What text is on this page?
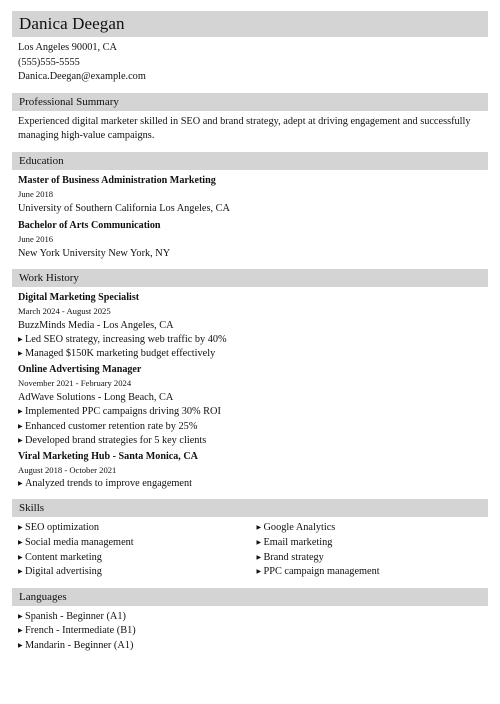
Danica Deegan
Los Angeles 90001, CA
(555)555-5555
Danica.Deegan@example.com
Professional Summary
Experienced digital marketer skilled in SEO and brand strategy, adept at driving engagement and successfully managing high-value campaigns.
Education
Master of Business Administration Marketing
June 2018
University of Southern California Los Angeles, CA
Bachelor of Arts Communication
June 2016
New York University New York, NY
Work History
Digital Marketing Specialist
March 2024 - August 2025
BuzzMinds Media - Los Angeles, CA
▶ Led SEO strategy, increasing web traffic by 40%
▶ Managed $150K marketing budget effectively
Online Advertising Manager
November 2021 - February 2024
AdWave Solutions - Long Beach, CA
▶ Implemented PPC campaigns driving 30% ROI
▶ Enhanced customer retention rate by 25%
▶ Developed brand strategies for 5 key clients
Viral Marketing Hub - Santa Monica, CA
August 2018 - October 2021
▶ Analyzed trends to improve engagement
Skills
▶ SEO optimization
▶ Social media management
▶ Content marketing
▶ Digital advertising
▶ Google Analytics
▶ Email marketing
▶ Brand strategy
▶ PPC campaign management
Languages
▶ Spanish - Beginner (A1)
▶ French - Intermediate (B1)
▶ Mandarin - Beginner (A1)
